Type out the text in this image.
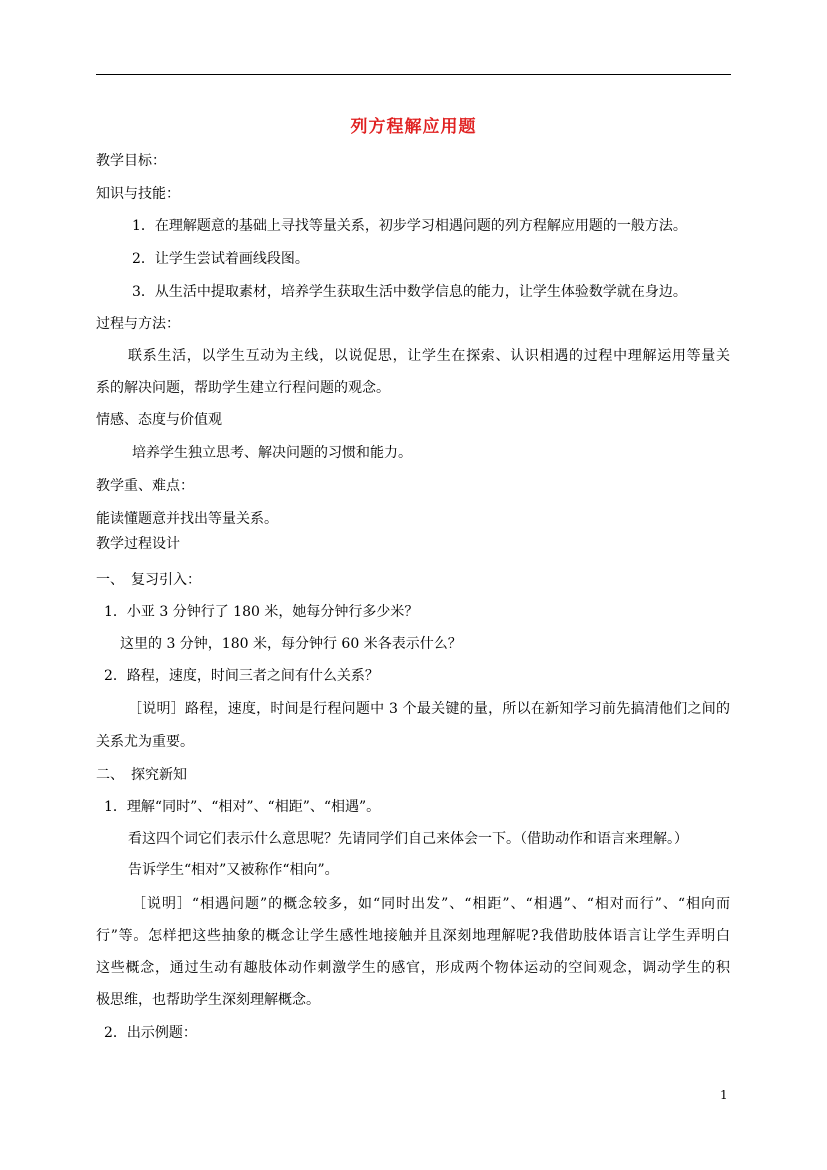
列方程解应用题
教学目标：
知识与技能：
1．在理解题意的基础上寻找等量关系，初步学习相遇问题的列方程解应用题的一般方法。
2．让学生尝试着画线段图。
3．从生活中提取素材，培养学生获取生活中数学信息的能力，让学生体验数学就在身边。
过程与方法：
联系生活，以学生互动为主线，以说促思，让学生在探索、认识相遇的过程中理解运用等量关
系的解决问题，帮助学生建立行程问题的观念。
情感、态度与价值观
培养学生独立思考、解决问题的习惯和能力。
教学重、难点：
能读懂题意并找出等量关系。
教学过程设计
一、　复习引入：
1．小亚 3 分钟行了 180 米，她每分钟行多少米？
这里的 3 分钟，180 米，每分钟行 60 米各表示什么？
2．路程，速度，时间三者之间有什么关系？
［说明］路程，速度，时间是行程问题中 3 个最关键的量，所以在新知学习前先搞清他们之间的
关系尤为重要。
二、　探究新知
1．理解“同时”、“相对”、“相距”、“相遇”。
看这四个词它们表示什么意思呢？先请同学们自己来体会一下。（借助动作和语言来理解。）
告诉学生“相对”又被称作“相向”。
［说明］“相遇问题”的概念较多，如“同时出发”、“相距”、“相遇”、“相对而行”、“相向而
行”等。怎样把这些抽象的概念让学生感性地接触并且深刻地理解呢?我借助肢体语言让学生弄明白
这些概念，通过生动有趣肢体动作刺激学生的感官，形成两个物体运动的空间观念，调动学生的积
极思维，也帮助学生深刻理解概念。
2．出示例题：
1
